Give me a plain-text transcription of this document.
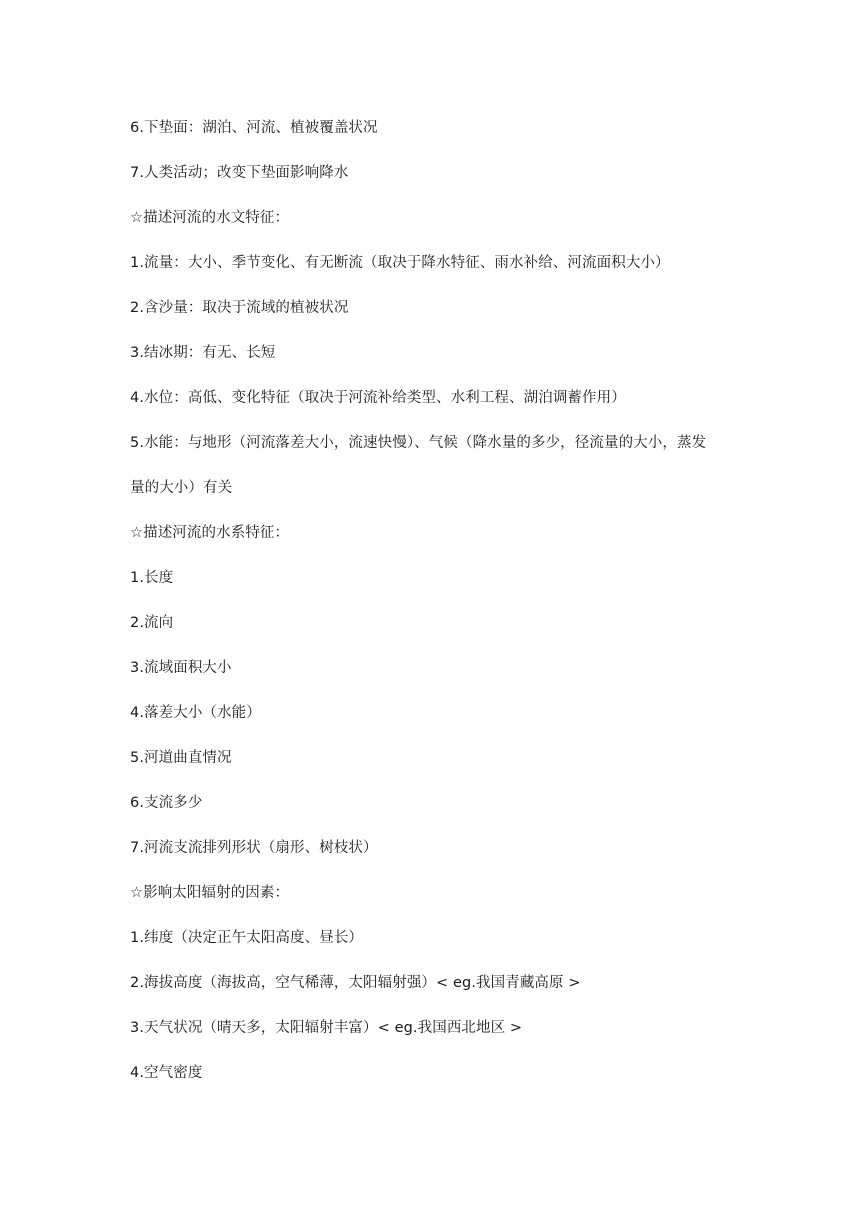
6.下垫面：湖泊、河流、植被覆盖状况
7.人类活动；改变下垫面影响降水
☆描述河流的水文特征：
1.流量：大小、季节变化、有无断流（取决于降水特征、雨水补给、河流面积大小）
2.含沙量：取决于流域的植被状况
3.结冰期：有无、长短
4.水位：高低、变化特征（取决于河流补给类型、水利工程、湖泊调蓄作用）
5.水能：与地形（河流落差大小，流速快慢）、气候（降水量的多少，径流量的大小，蒸发
量的大小）有关
☆描述河流的水系特征：
1.长度
2.流向
3.流域面积大小
4.落差大小（水能）
5.河道曲直情况
6.支流多少
7.河流支流排列形状（扇形、树枝状）
☆影响太阳辐射的因素：
1.纬度（决定正午太阳高度、昼长）
2.海拔高度（海拔高，空气稀薄，太阳辐射强）< eg.我国青藏高原 >
3.天气状况（晴天多，太阳辐射丰富）< eg.我国西北地区 >
4.空气密度
